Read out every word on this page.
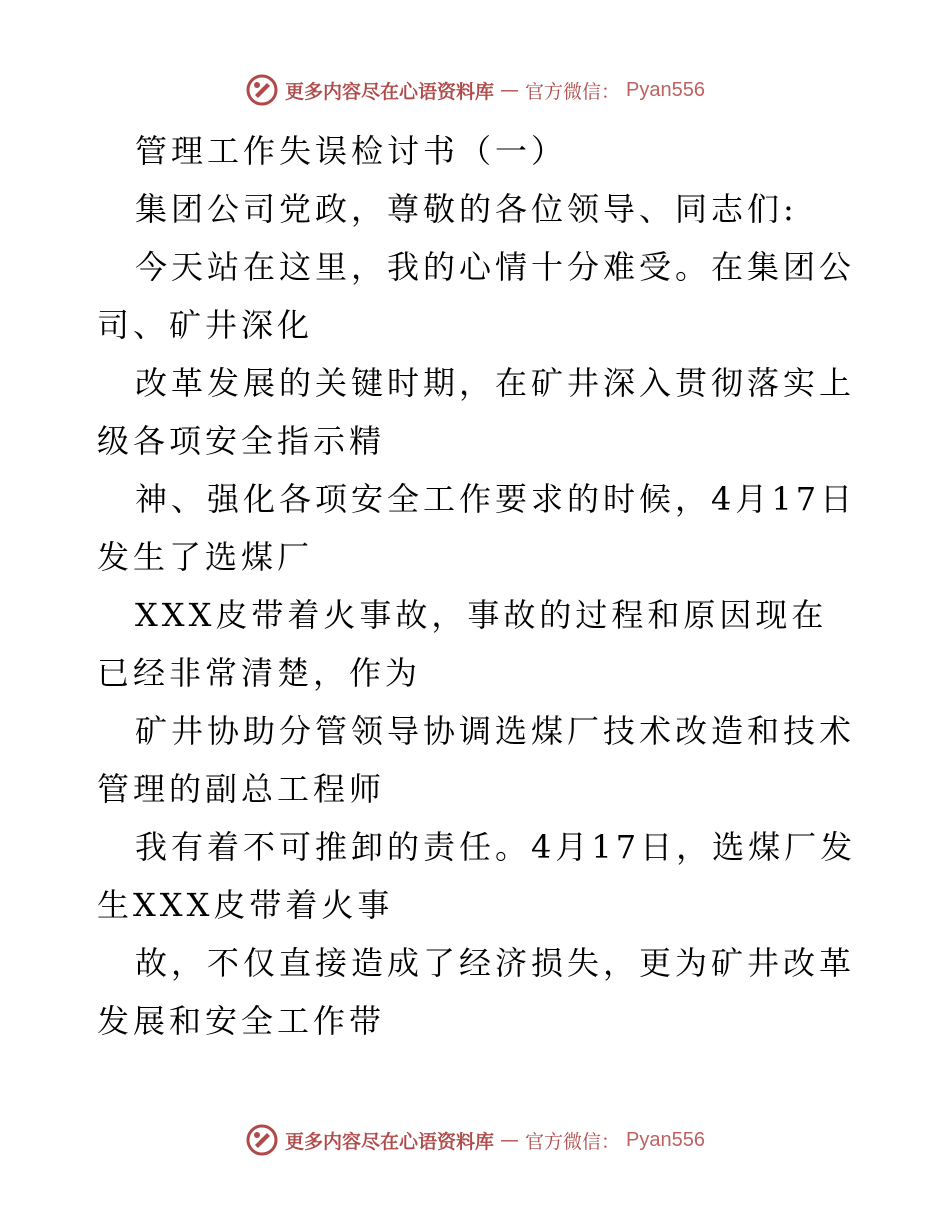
更多内容尽在心语资料库 — 官方微信： Pyan556

管理工作失误检讨书（一）

集团公司党政，尊敬的各位领导、同志们:

今天站在这里，我的心情十分难受。在集团公司、矿井深化

改革发展的关键时期，在矿井深入贯彻落实上级各项安全指示精

神、强化各项安全工作要求的时候，4月17日发生了选煤厂

XXX皮带着火事故，事故的过程和原因现在已经非常清楚，作为

矿井协助分管领导协调选煤厂技术改造和技术管理的副总工程师

我有着不可推卸的责任。4月17日，选煤厂发生XXX皮带着火事

故，不仅直接造成了经济损失，更为矿井改革发展和安全工作带

更多内容尽在心语资料库 — 官方微信： Pyan556
